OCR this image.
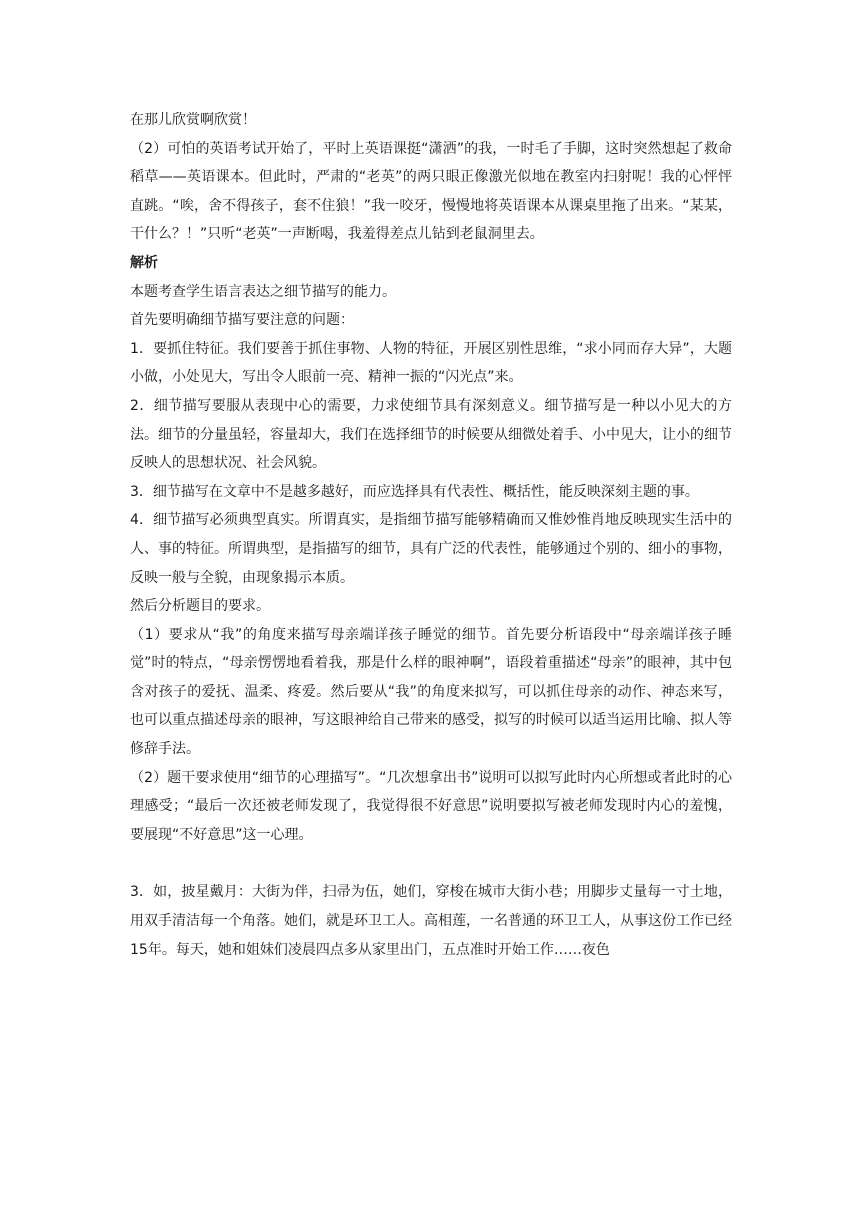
在那儿欣赏啊欣赏！

（2）可怕的英语考试开始了，平时上英语课挺“潇洒”的我，一时毛了手脚，这时突然想起了救命稻草——英语课本。但此时，严肃的“老英”的两只眼正像激光似地在教室内扫射呢！我的心怦怦直跳。“唉，舍不得孩子，套不住狼！”我一咬牙，慢慢地将英语课本从课桌里拖了出来。“某某，干什么？！”只听“老英”一声断喝，我羞得差点儿钻到老鼠洞里去。

解析

本题考查学生语言表达之细节描写的能力。

首先要明确细节描写要注意的问题：

1．要抓住特征。我们要善于抓住事物、人物的特征，开展区别性思维，“求小同而存大异”，大题小做，小处见大，写出令人眼前一亮、精神一振的“闪光点”来。

2．细节描写要服从表现中心的需要，力求使细节具有深刻意义。细节描写是一种以小见大的方法。细节的分量虽轻，容量却大，我们在选择细节的时候要从细微处着手、小中见大，让小的细节反映人的思想状况、社会风貌。

3．细节描写在文章中不是越多越好，而应选择具有代表性、概括性，能反映深刻主题的事。

4．细节描写必须典型真实。所谓真实，是指细节描写能够精确而又惟妙惟肖地反映现实生活中的人、事的特征。所谓典型，是指描写的细节，具有广泛的代表性，能够通过个别的、细小的事物，反映一般与全貌，由现象揭示本质。

然后分析题目的要求。

（1）要求从“我”的角度来描写母亲端详孩子睡觉的细节。首先要分析语段中“母亲端详孩子睡觉”时的特点，“母亲愣愣地看着我，那是什么样的眼神啊”，语段着重描述“母亲”的眼神，其中包含对孩子的爱抚、温柔、疼爱。然后要从“我”的角度来拟写，可以抓住母亲的动作、神态来写，也可以重点描述母亲的眼神，写这眼神给自己带来的感受，拟写的时候可以适当运用比喻、拟人等修辞手法。

（2）题干要求使用“细节的心理描写”。“几次想拿出书”说明可以拟写此时内心所想或者此时的心理感受；“最后一次还被老师发现了，我觉得很不好意思”说明要拟写被老师发现时内心的羞愧，要展现“不好意思”这一心理。

3．如，披星戴月：大街为伴，扫帚为伍，她们，穿梭在城市大街小巷；用脚步丈量每一寸土地，用双手清洁每一个角落。她们，就是环卫工人。高相莲，一名普通的环卫工人，从事这份工作已经15年。每天，她和姐妹们凌晨四点多从家里出门，五点准时开始工作……夜色
